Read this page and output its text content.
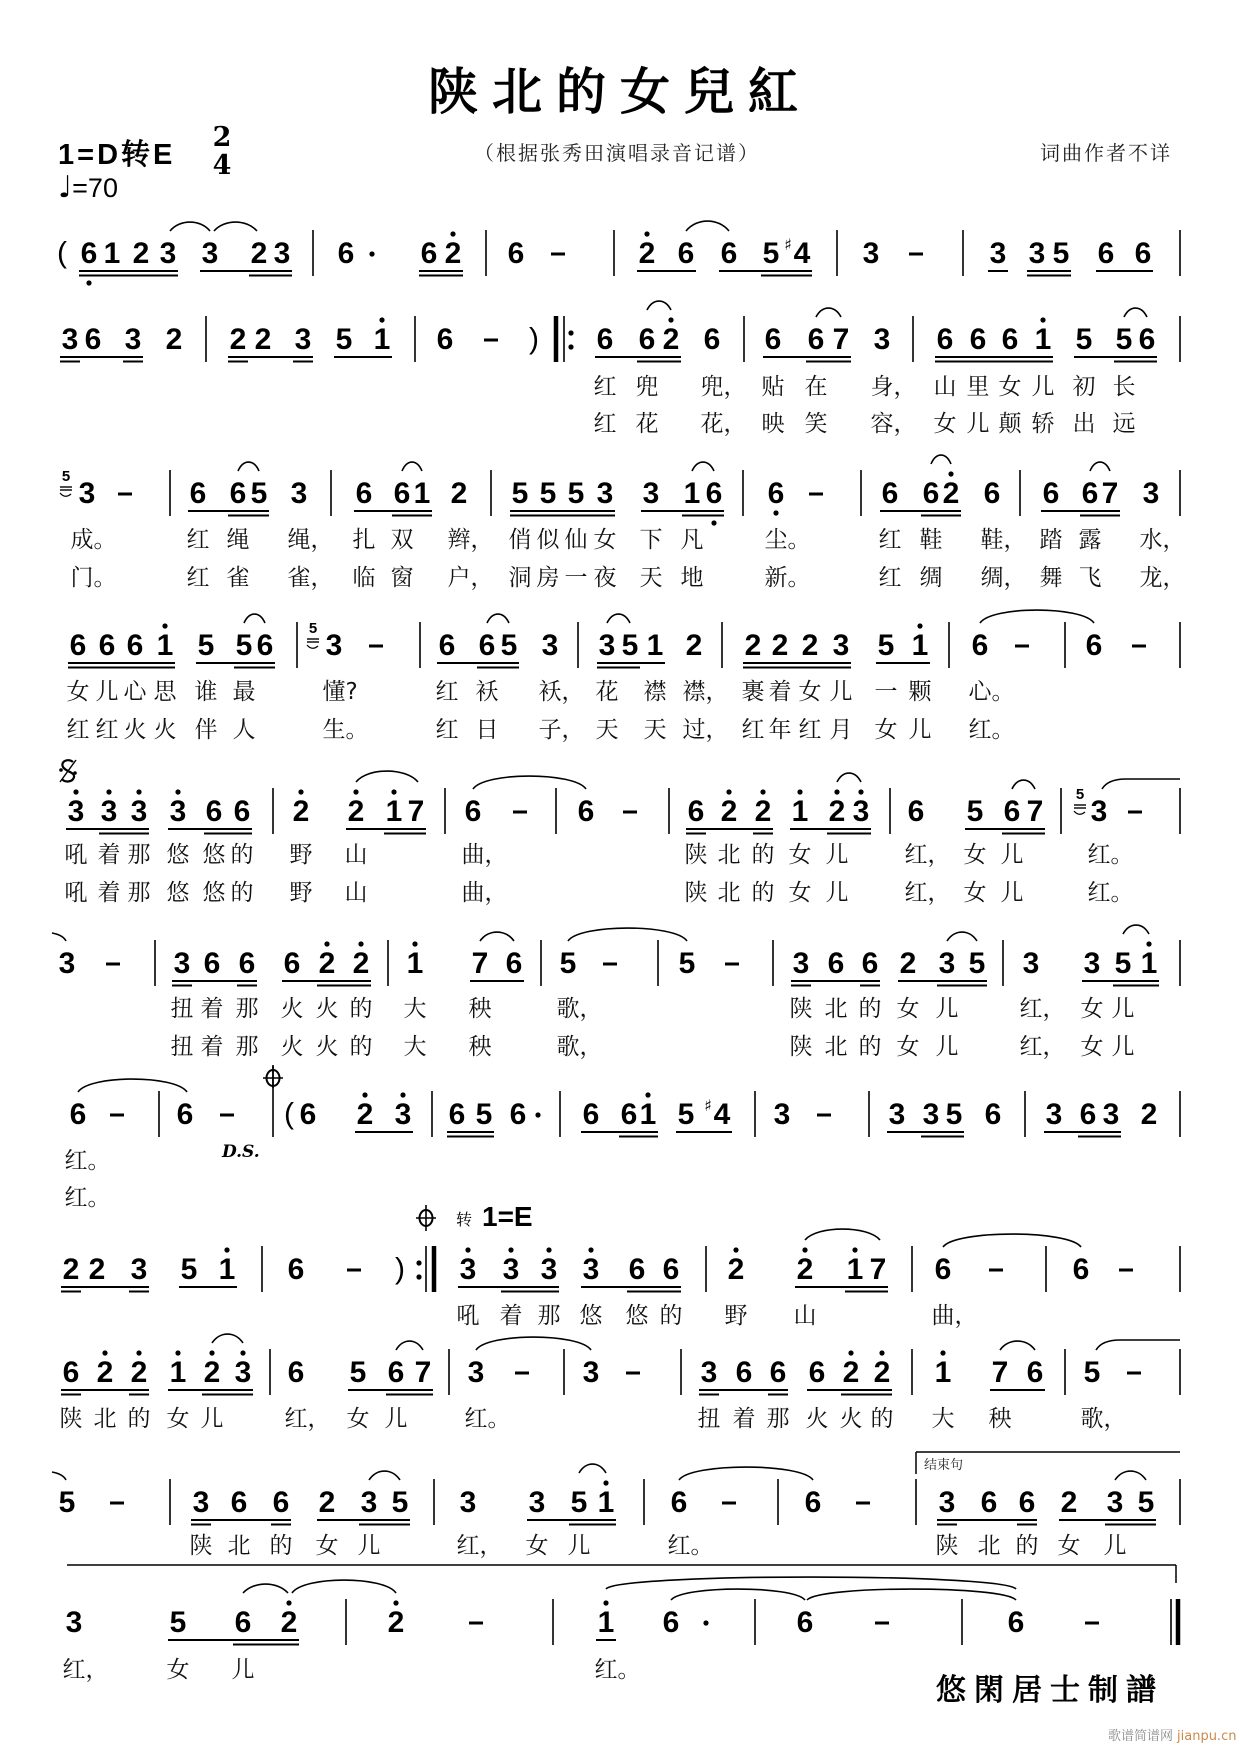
陕北的女兒紅
1=D转E
2
4
♩ =70
（根据张秀田演唱录音记谱）	词曲作者不详
( 6 1 2 3 3 2 3 6 6 2 6	2 6 6 5 4
♯ 3	3 3 5 6 6
3 6 3 2 2 2 3 5 1 6	) 6 6 2 6 6 6 7 3 6 6 6 1 5 5 6
红 兜 兜， 贴 在 身， 山 里 女 儿 初 长
红 花 花， 映 笑 容， 女 儿 颠 轿 出 远
5
3	6 6 5 3 6 6 1 2 5 5 5 3 3 1 6 6	6 6 2 6 6 6 7 3
成。	红 绳 绳， 扎 双 辫， 俏 似 仙 女 下 凡	尘。	红 鞋 鞋， 踏 露 水，
门。	红 雀 雀， 临 窗 户， 洞 房 一 夜 天 地	新。	红 绸 绸， 舞 飞 龙，
6 6 6 1 5 5 6
5
3	6 6 5 3 3 5 1 2 2 2 2 3 5 1 6	6
女 儿 心 思 谁 最	懂?	红 袄 袄， 花 襟 襟， 裹 着 女 儿 一 颗 心。
红 红 火 火 伴 人	生。	红 日 子， 天 天 过， 红 年 红 月 女 儿 红。
3 3 3 3 6 6 2 2 1 7 6	6	6 2 2 1 2 3 6 5 6 7
5
3
吼 着 那 悠 悠 的 野 山	曲，	陕 北 的 女 儿 红， 女 儿	红。
吼 着 那 悠 悠 的 野 山	曲，	陕 北 的 女 儿 红， 女 儿	红。
3	3 6 6 6 2 2 1 7 6 5	5	3 6 6 2 3 5 3 3 5 1
扭 着 那 火 火 的 大 秧	歌，	陕 北 的 女 儿	红， 女 儿
扭 着 那 火 火 的 大 秧	歌，	陕 北 的 女 儿	红， 女 儿
6	6	( 6 2 3 6 5 6 6 6 1 5 4
♯ 3	3 3 5 6 3 6 3 2
红。
红。
2 2 3 5 1 6	) 3 3 3 3 6 6 2 2 1 7 6	6
吼 着 那 悠 悠 的 野 山	曲，
6 2 2 1 2 3 6 5 6 7 3	3	3 6 6 6 2 2 1 7 6 5
陕 北 的 女 儿	红， 女 儿 红。	扭 着 那 火 火 的 大 秧	歌，
5	3 6 6 2 3 5 3 3 5 1 6	6	3 6 6 2 3 5
陕 北 的 女 儿	红， 女 儿	红。	陕 北 的 女 儿
3	5 6 2	2	1 6	6	6
红，	女 儿	红。
D.S.
转 1=E
结束句
悠閑居士制譜
歌谱简谱网 jianpu.cn
